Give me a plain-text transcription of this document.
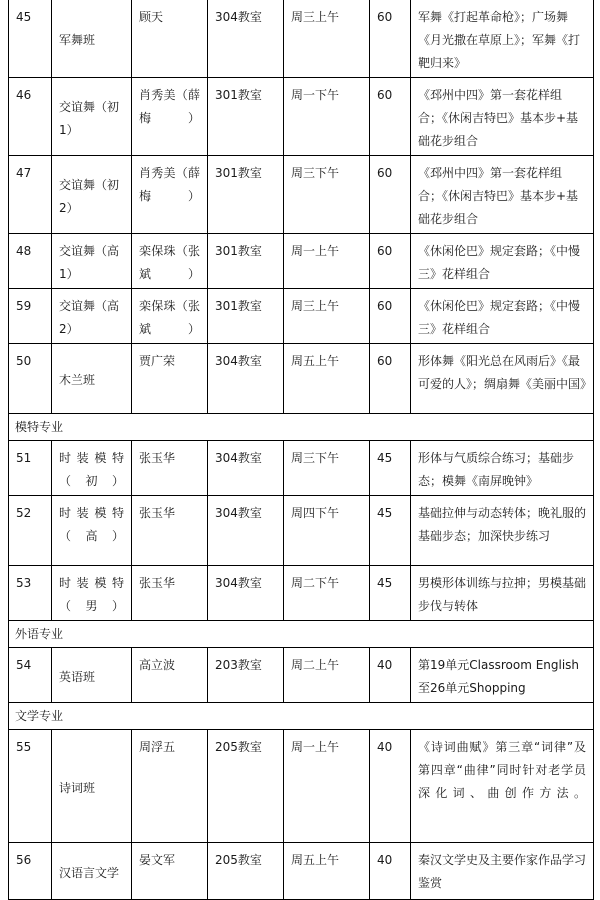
45	军舞班	顾天	304教室	周三上午	60	军舞《打起革命枪》；广场舞《月光撒在草原上》；军舞《打靶归来》
46	交谊舞（初1）	肖秀美（薛梅）	301教室	周一下午	60	《邳州中四》第一套花样组合；《休闲吉特巴》基本步+基础花步组合
47	交谊舞（初2）	肖秀美（薛梅）	301教室	周三下午	60	《邳州中四》第一套花样组合；《休闲吉特巴》基本步+基础花步组合
48	交谊舞（高1）	栾保珠（张斌）	301教室	周一上午	60	《休闲伦巴》规定套路；《中慢三》花样组合
59	交谊舞（高2）	栾保珠（张斌）	301教室	周三上午	60	《休闲伦巴》规定套路；《中慢三》花样组合
50	木兰班	贾广荣	304教室	周五上午	60	形体舞《阳光总在风雨后》《最可爱的人》；绸扇舞《美丽中国》
模特专业						
51	时装模特（初）	张玉华	304教室	周三下午	45	形体与气质综合练习；基础步态；模舞《南屏晚钟》
52	时装模特（高）	张玉华	304教室	周四下午	45	基础拉伸与动态转体；晚礼服的基础步态；加深快步练习
53	时装模特（男）	张玉华	304教室	周二下午	45	男模形体训练与拉抻；男模基础步伐与转体
外语专业						
54	英语班	高立波	203教室	周二上午	40	第19单元Classroom English至26单元Shopping
文学专业						
55	诗词班	周浮五	205教室	周一上午	40	《诗词曲赋》第三章“词律”及第四章“曲律”同时针对老学员深化词、曲创作方法。
56	汉语言文学	晏文军	205教室	周五上午	40	秦汉文学史及主要作家作品学习鉴赏
